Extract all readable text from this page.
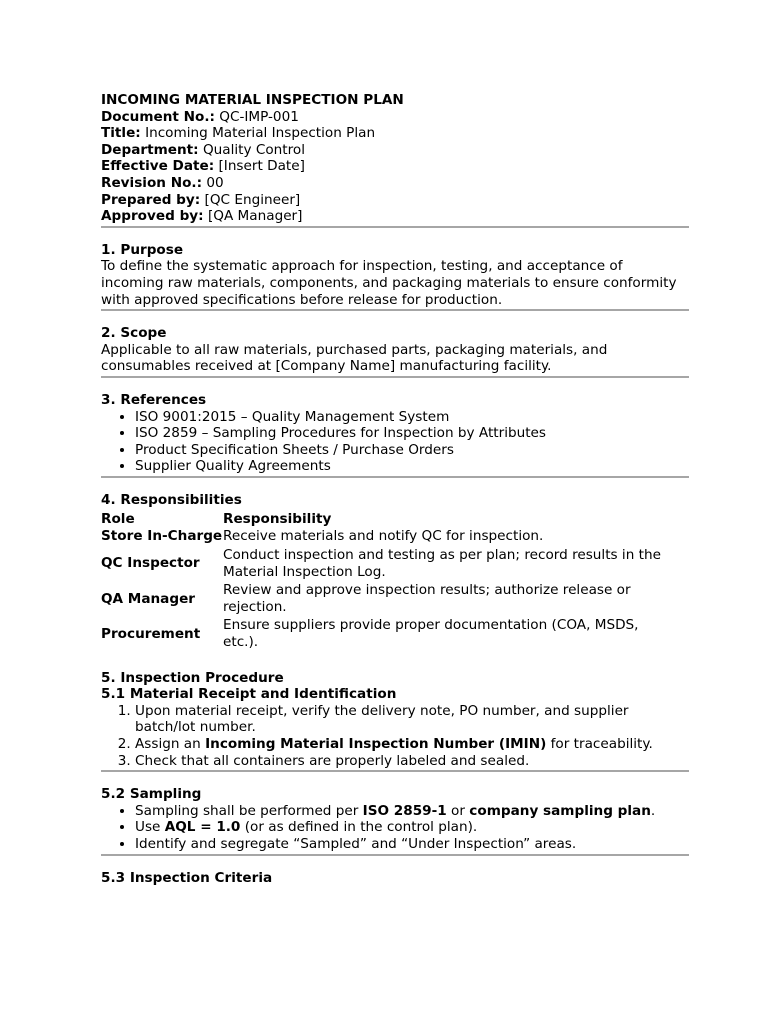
INCOMING MATERIAL INSPECTION PLAN
Document No.: QC-IMP-001
Title: Incoming Material Inspection Plan
Department: Quality Control
Effective Date: [Insert Date]
Revision No.: 00
Prepared by: [QC Engineer]
Approved by: [QA Manager]
1. Purpose
To define the systematic approach for inspection, testing, and acceptance of incoming raw materials, components, and packaging materials to ensure conformity with approved specifications before release for production.
2. Scope
Applicable to all raw materials, purchased parts, packaging materials, and consumables received at [Company Name] manufacturing facility.
3. References
• ISO 9001:2015 – Quality Management System
• ISO 2859 – Sampling Procedures for Inspection by Attributes
• Product Specification Sheets / Purchase Orders
• Supplier Quality Agreements
4. Responsibilities
Role	Responsibility
Store In-Charge	Receive materials and notify QC for inspection.
QC Inspector	Conduct inspection and testing as per plan; record results in the Material Inspection Log.
QA Manager	Review and approve inspection results; authorize release or rejection.
Procurement	Ensure suppliers provide proper documentation (COA, MSDS, etc.).
5. Inspection Procedure
5.1 Material Receipt and Identification
1. Upon material receipt, verify the delivery note, PO number, and supplier batch/lot number.
2. Assign an Incoming Material Inspection Number (IMIN) for traceability.
3. Check that all containers are properly labeled and sealed.
5.2 Sampling
• Sampling shall be performed per ISO 2859-1 or company sampling plan.
• Use AQL = 1.0 (or as defined in the control plan).
• Identify and segregate “Sampled” and “Under Inspection” areas.
5.3 Inspection Criteria
